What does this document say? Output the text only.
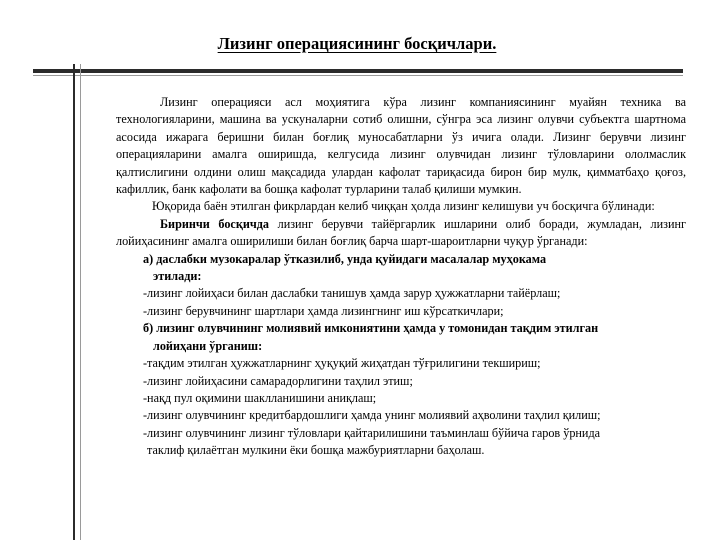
Лизинг операциясининг босқичлари.

Лизинг операцияси асл моҳиятига кўра лизинг компаниясининг муайян техника ва технологияларини, машина ва ускуналарни сотиб олишни, сўнгра эса лизинг олувчи субъектга шартнома асосида ижарага беришни билан боғлиқ муносабатларни ўз ичига олади. Лизинг берувчи лизинг операцияларини амалга оширишда, келгусида лизинг олувчидан лизинг тўловларини ололмаслик қалтислигини олдини олиш мақсадида улардан кафолат тариқасида бирон бир мулк, қимматбаҳо қоғоз, кафиллик, банк кафолати ва бошқа кафолат турларини талаб қилиши мумкин.

Юқорида баён этилган фикрлардан келиб чиққан ҳолда лизинг келишуви уч босқичга бўлинади:

Биринчи босқичда лизинг берувчи тайёргарлик ишларини олиб боради, жумладан, лизинг лойиҳасининг амалга оширилиши билан боғлиқ барча шарт-шароитларни чуқур ўрганади:

а) даслабки музокаралар ўтказилиб, унда қуйидаги масалалар муҳокама

этилади:

-лизинг лойиҳаси билан даслабки танишув ҳамда зарур ҳужжатларни тайёрлаш;

-лизинг берувчининг шартлари ҳамда лизингнинг иш кўрсаткичлари;

б) лизинг олувчининг молиявий имкониятини ҳамда у томонидан тақдим этилган

лойиҳани ўрганиш:

-тақдим этилган ҳужжатларнинг ҳуқуқий жиҳатдан тўғрилигини текшириш;

-лизинг лойиҳасини самарадорлигини таҳлил этиш;

-нақд пул оқимини шаклланишини аниқлаш;

-лизинг олувчининг кредитбардошлиги ҳамда унинг молиявий аҳволини таҳлил қилиш;

-лизинг олувчининг лизинг тўловлари қайтарилишини таъминлаш бўйича гаров ўрнида

таклиф қилаётган мулкини ёки бошқа мажбуриятларни баҳолаш.
